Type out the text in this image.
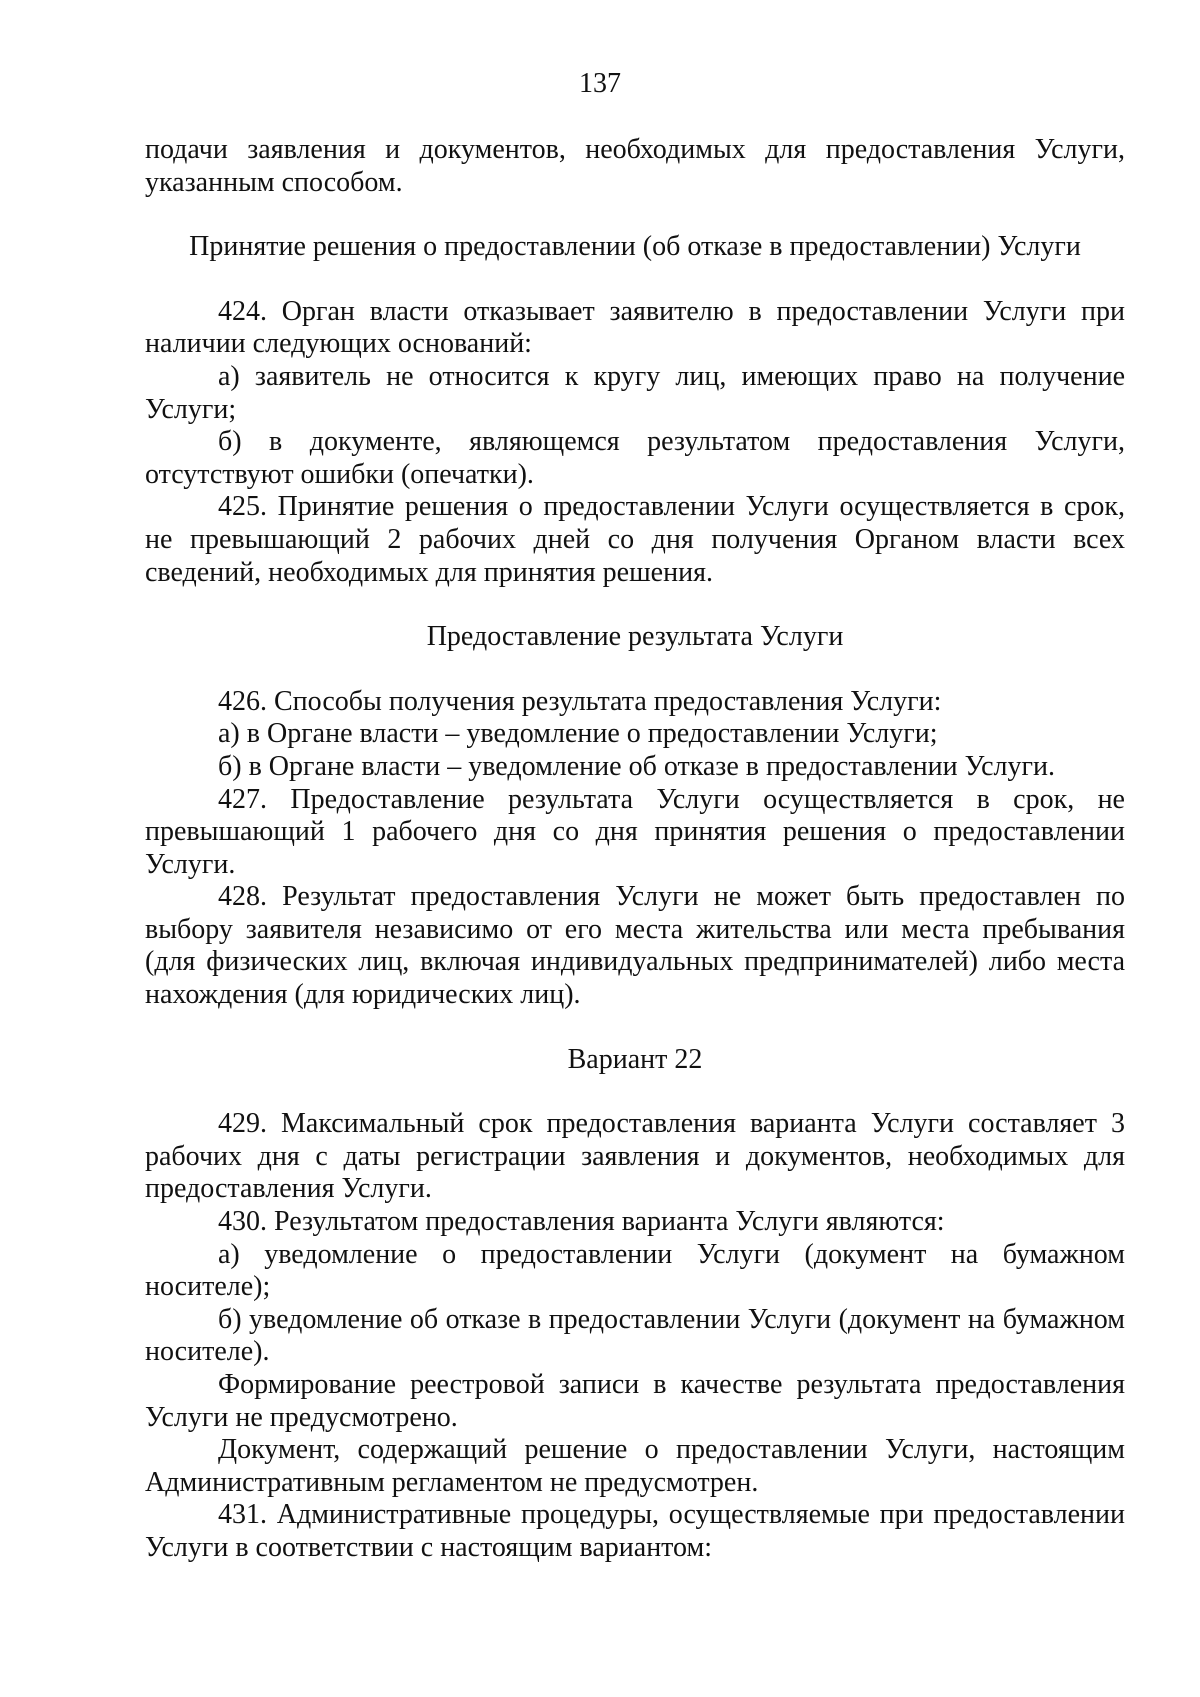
137

подачи заявления и документов, необходимых для предоставления Услуги, указанным способом.

Принятие решения о предоставлении (об отказе в предоставлении) Услуги

424. Орган власти отказывает заявителю в предоставлении Услуги при наличии следующих оснований:

а) заявитель не относится к кругу лиц, имеющих право на получение Услуги;

б) в документе, являющемся результатом предоставления Услуги, отсутствуют ошибки (опечатки).

425. Принятие решения о предоставлении Услуги осуществляется в срок, не превышающий 2 рабочих дней со дня получения Органом власти всех сведений, необходимых для принятия решения.

Предоставление результата Услуги

426. Способы получения результата предоставления Услуги:

а) в Органе власти – уведомление о предоставлении Услуги;

б) в Органе власти – уведомление об отказе в предоставлении Услуги.

427. Предоставление результата Услуги осуществляется в срок, не превышающий 1 рабочего дня со дня принятия решения о предоставлении Услуги.

428. Результат предоставления Услуги не может быть предоставлен по выбору заявителя независимо от его места жительства или места пребывания (для физических лиц, включая индивидуальных предпринимателей) либо места нахождения (для юридических лиц).

Вариант 22

429. Максимальный срок предоставления варианта Услуги составляет 3 рабочих дня с даты регистрации заявления и документов, необходимых для предоставления Услуги.

430. Результатом предоставления варианта Услуги являются:

а) уведомление о предоставлении Услуги (документ на бумажном носителе);

б) уведомление об отказе в предоставлении Услуги (документ на бумажном носителе).

Формирование реестровой записи в качестве результата предоставления Услуги не предусмотрено.

Документ, содержащий решение о предоставлении Услуги, настоящим Административным регламентом не предусмотрен.

431. Административные процедуры, осуществляемые при предоставлении Услуги в соответствии с настоящим вариантом:
